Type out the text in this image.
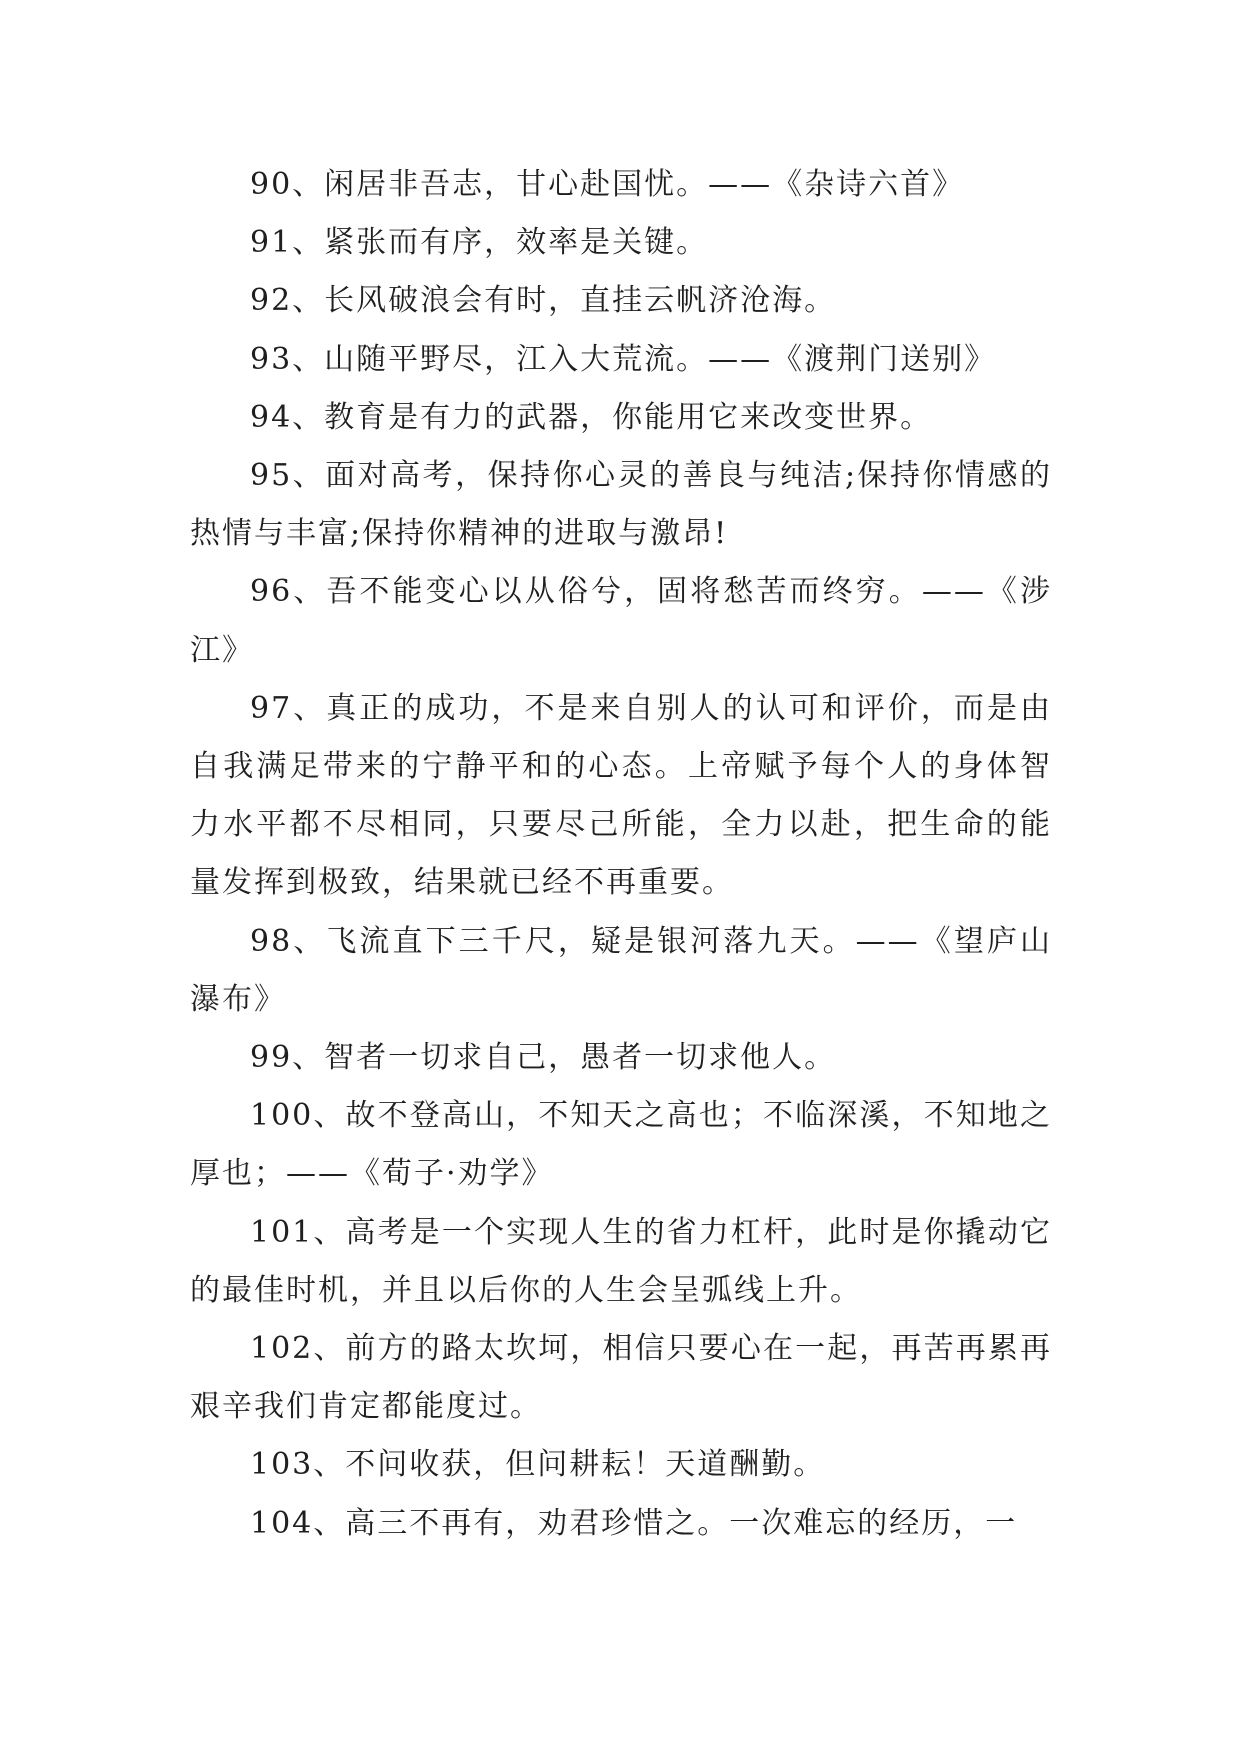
90、闲居非吾志，甘心赴国忧。——《杂诗六首》

91、紧张而有序，效率是关键。

92、长风破浪会有时，直挂云帆济沧海。

93、山随平野尽，江入大荒流。——《渡荆门送别》

94、教育是有力的武器，你能用它来改变世界。

95、面对高考，保持你心灵的善良与纯洁;保持你情感的热情与丰富;保持你精神的进取与激昂!

96、吾不能变心以从俗兮，固将愁苦而终穷。——《涉江》

97、真正的成功，不是来自别人的认可和评价，而是由自我满足带来的宁静平和的心态。上帝赋予每个人的身体智力水平都不尽相同，只要尽己所能，全力以赴，把生命的能量发挥到极致，结果就已经不再重要。

98、飞流直下三千尺，疑是银河落九天。——《望庐山瀑布》

99、智者一切求自己，愚者一切求他人。

100、故不登高山，不知天之高也；不临深溪，不知地之厚也；——《荀子·劝学》

101、高考是一个实现人生的省力杠杆，此时是你撬动它的最佳时机，并且以后你的人生会呈弧线上升。

102、前方的路太坎坷，相信只要心在一起，再苦再累再艰辛我们肯定都能度过。

103、不问收获，但问耕耘！天道酬勤。

104、高三不再有，劝君珍惜之。一次难忘的经历，一
